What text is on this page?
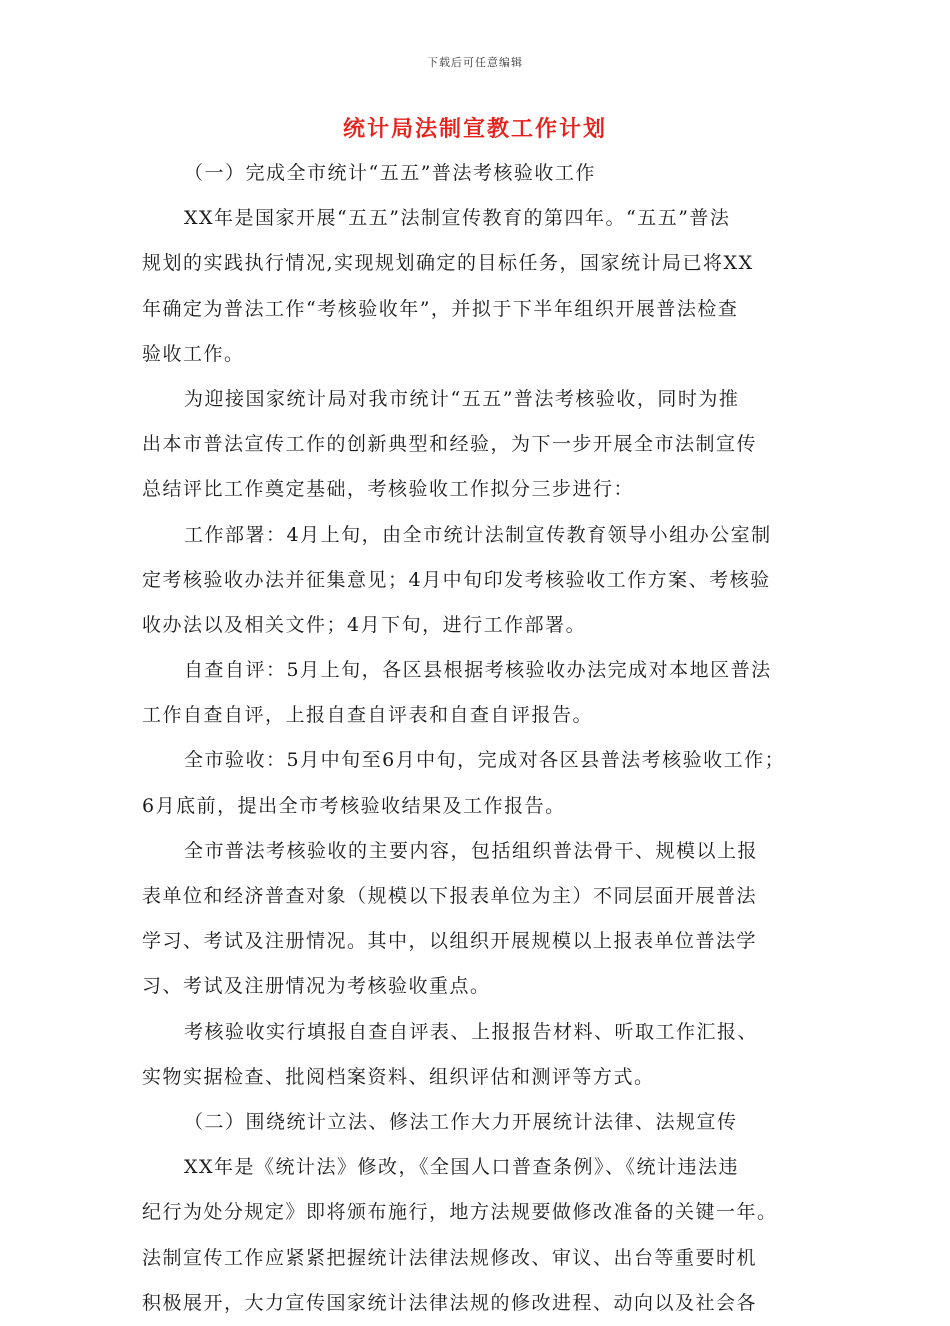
下载后可任意编辑
统计局法制宣教工作计划
（一）完成全市统计“五五”普法考核验收工作
XX年是国家开展“五五”法制宣传教育的第四年。“五五”普法
规划的实践执行情况,实现规划确定的目标任务，国家统计局已将XX
年确定为普法工作“考核验收年”，并拟于下半年组织开展普法检查
验收工作。
为迎接国家统计局对我市统计“五五”普法考核验收，同时为推
出本市普法宣传工作的创新典型和经验，为下一步开展全市法制宣传
总结评比工作奠定基础，考核验收工作拟分三步进行：
工作部署：4月上旬，由全市统计法制宣传教育领导小组办公室制
定考核验收办法并征集意见；4月中旬印发考核验收工作方案、考核验
收办法以及相关文件；4月下旬，进行工作部署。
自查自评：5月上旬，各区县根据考核验收办法完成对本地区普法
工作自查自评，上报自查自评表和自查自评报告。
全市验收：5月中旬至6月中旬，完成对各区县普法考核验收工作；
6月底前，提出全市考核验收结果及工作报告。
全市普法考核验收的主要内容，包括组织普法骨干、规模以上报
表单位和经济普查对象（规模以下报表单位为主）不同层面开展普法
学习、考试及注册情况。其中，以组织开展规模以上报表单位普法学
习、考试及注册情况为考核验收重点。
考核验收实行填报自查自评表、上报报告材料、听取工作汇报、
实物实据检查、批阅档案资料、组织评估和测评等方式。
（二）围绕统计立法、修法工作大力开展统计法律、法规宣传
XX年是《统计法》修改，《全国人口普查条例》、《统计违法违
纪行为处分规定》即将颁布施行，地方法规要做修改准备的关键一年。
法制宣传工作应紧紧把握统计法律法规修改、审议、出台等重要时机
积极展开，大力宣传国家统计法律法规的修改进程、动向以及社会各
